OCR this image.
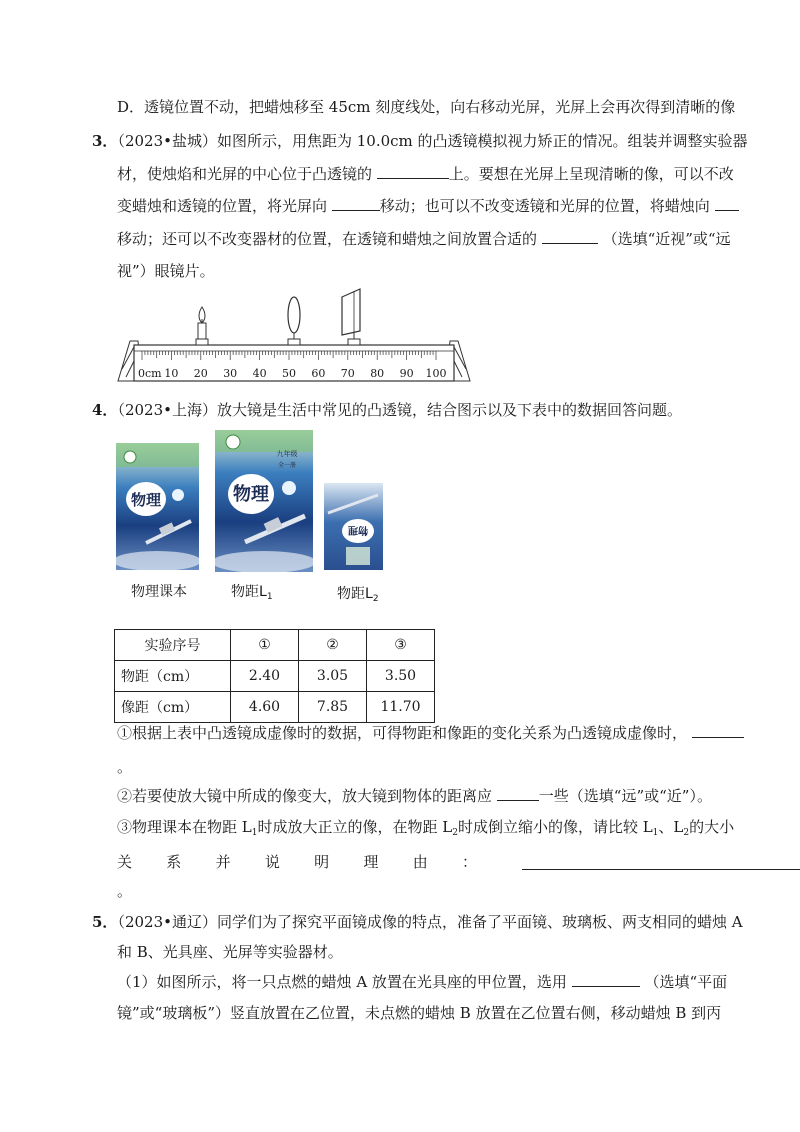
D．透镜位置不动，把蜡烛移至 45cm 刻度线处，向右移动光屏，光屏上会再次得到清晰的像
3．（2023•盐城）如图所示，用焦距为 10.0cm 的凸透镜模拟视力矫正的情况。组装并调整实验器
材，使烛焰和光屏的中心位于凸透镜的	上。要想在光屏上呈现清晰的像，可以不改
变蜡烛和透镜的位置，将光屏向	移动；也可以不改变透镜和光屏的位置，将蜡烛向
移动；还可以不改变器材的位置，在透镜和蜡烛之间放置合适的	（选填“近视”或“远
视”）眼镜片。
0cm 10 20 30 40 50 60 70 80 90 100
4．（2023•上海）放大镜是生活中常见的凸透镜，结合图示以及下表中的数据回答问题。
物理
九年级
全一册
物理
物理
物理课本	物距$L_1$	物距$L_2$
实验序号	①	②	③
物距（cm）	2.40	3.05	3.50
像距（cm）	4.60	7.85	11.70
①根据上表中凸透镜成虚像时的数据，可得物距和像距的变化关系为凸透镜成虚像时，
。
②若要使放大镜中所成的像变大，放大镜到物体的距离应	一些（选填“远”或“近”）。
③物理课本在物距 $L_1$时成放大正立的像，在物距 $L_2$时成倒立缩小的像，请比较 $L_1$、$L_2$的大小
关 系 并 说 明 理 由 ：
。
5．（2023•通辽）同学们为了探究平面镜成像的特点，准备了平面镜、玻璃板、两支相同的蜡烛 A
和 B、光具座、光屏等实验器材。
（1）如图所示，将一只点燃的蜡烛 A 放置在光具座的甲位置，选用	（选填“平面
镜”或“玻璃板”）竖直放置在乙位置，未点燃的蜡烛 B 放置在乙位置右侧，移动蜡烛 B 到丙
